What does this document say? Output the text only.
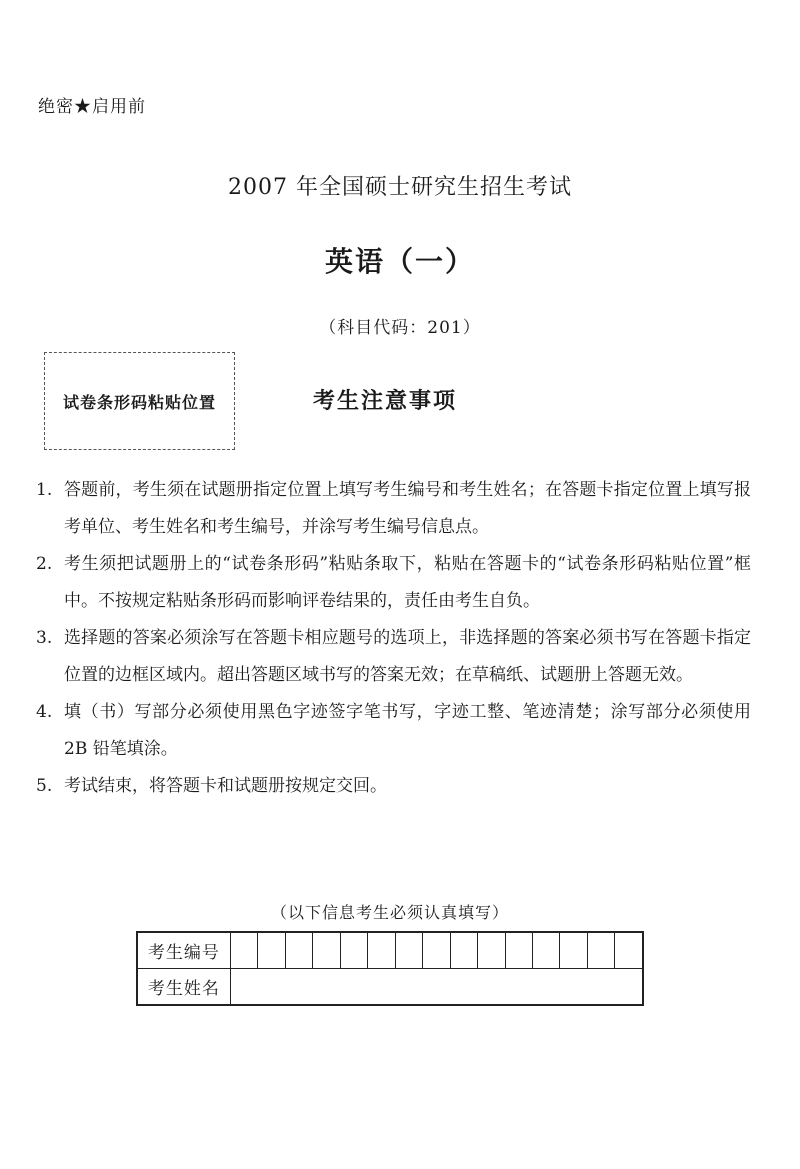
绝密★启用前
2007 年全国硕士研究生招生考试
英语（一）
（科目代码：201）
试卷条形码粘贴位置	考生注意事项
1. 答题前，考生须在试题册指定位置上填写考生编号和考生姓名；在答题卡指定位置上填写报考单位、考生姓名和考生编号，并涂写考生编号信息点。
2. 考生须把试题册上的“试卷条形码”粘贴条取下，粘贴在答题卡的“试卷条形码粘贴位置”框中。不按规定粘贴条形码而影响评卷结果的，责任由考生自负。
3. 选择题的答案必须涂写在答题卡相应题号的选项上，非选择题的答案必须书写在答题卡指定位置的边框区域内。超出答题区域书写的答案无效；在草稿纸、试题册上答题无效。
4. 填（书）写部分必须使用黑色字迹签字笔书写，字迹工整、笔迹清楚；涂写部分必须使用 2B 铅笔填涂。
5. 考试结束，将答题卡和试题册按规定交回。
（以下信息考生必须认真填写）
考生编号															
考生姓名															
